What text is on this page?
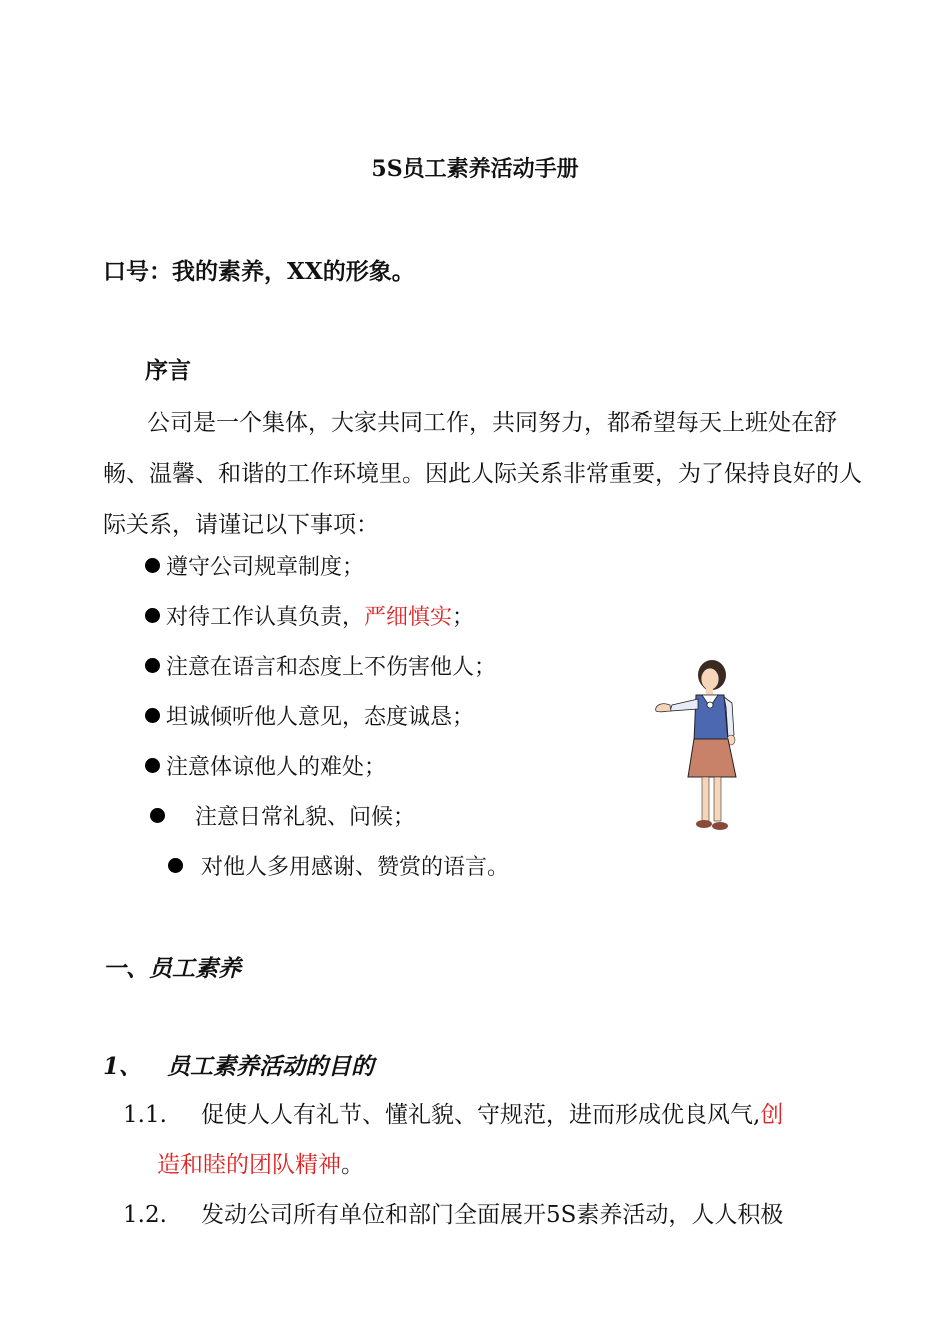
5S员工素养活动手册
口号：我的素养，XX的形象。
序言
公司是一个集体，大家共同工作，共同努力，都希望每天上班处在舒畅、温馨、和谐的工作环境里。因此人际关系非常重要，为了保持良好的人际关系，请谨记以下事项：
遵守公司规章制度；
对待工作认真负责，严细慎实；
注意在语言和态度上不伤害他人；
坦诚倾听他人意见，态度诚恳；
注意体谅他人的难处；
注意日常礼貌、问候；
对他人多用感谢、赞赏的语言。
一、员工素养
1、 员工素养活动的目的
1.1. 促使人人有礼节、懂礼貌、守规范，进而形成优良风气,创
造和睦的团队精神。
1.2. 发动公司所有单位和部门全面展开5S素养活动，人人积极
